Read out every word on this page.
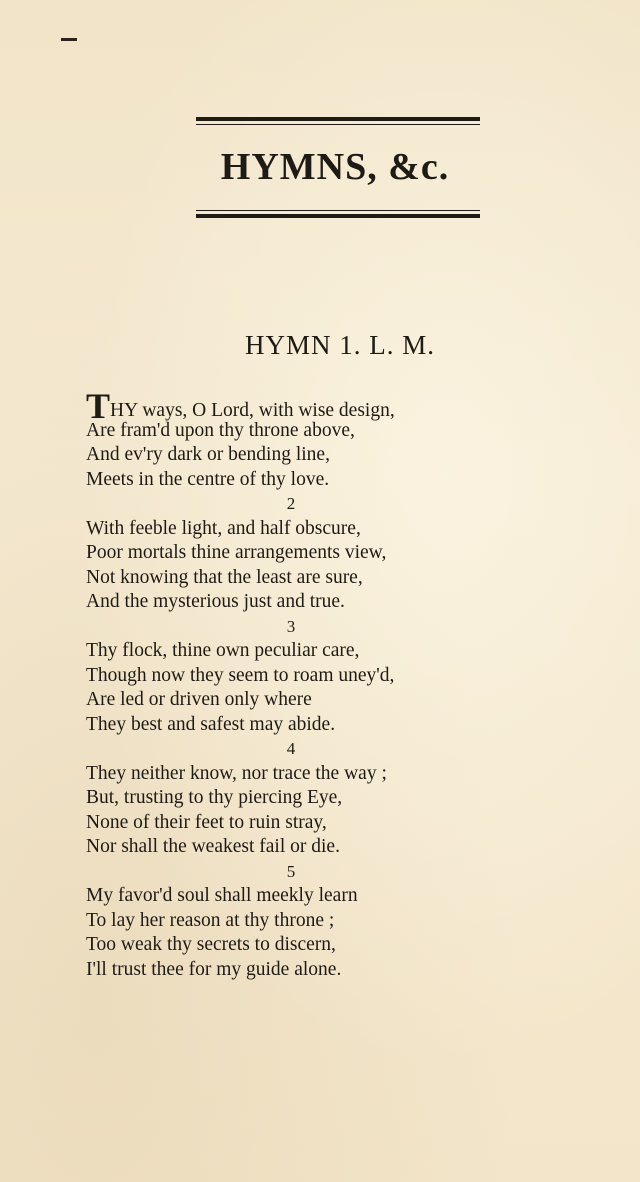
HYMNS, &c.
HYMN 1. L. M.
THY ways, O Lord, with wise design,
Are fram'd upon thy throne above,
And ev'ry dark or bending line,
Meets in the centre of thy love.
2
With feeble light, and half obscure,
Poor mortals thine arrangements view,
Not knowing that the least are sure,
And the mysterious just and true.
3
Thy flock, thine own peculiar care,
Though now they seem to roam uney'd,
Are led or driven only where
They best and safest may abide.
4
They neither know, nor trace the way ;
But, trusting to thy piercing Eye,
None of their feet to ruin stray,
Nor shall the weakest fail or die.
5
My favor'd soul shall meekly learn
To lay her reason at thy throne ;
Too weak thy secrets to discern,
I'll trust thee for my guide alone.
